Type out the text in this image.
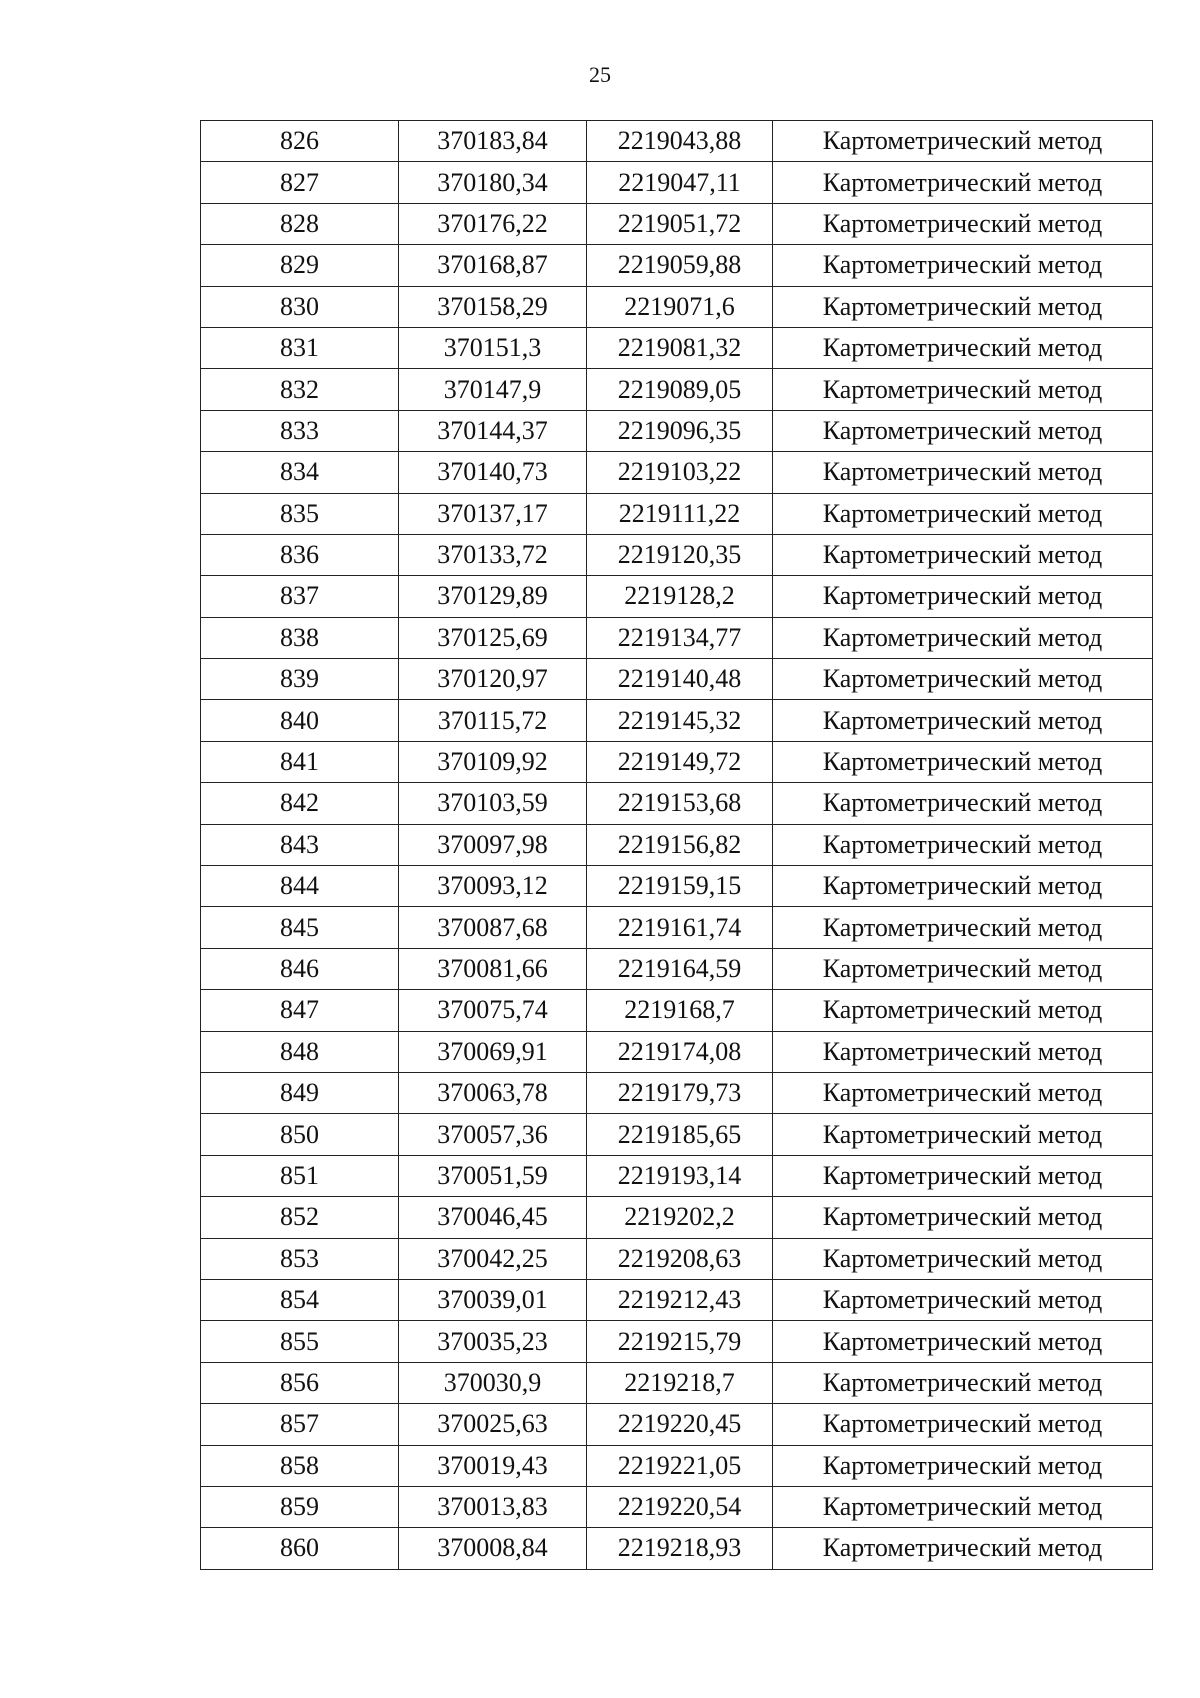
25
826	370183,84	2219043,88	Картометрический метод
827	370180,34	2219047,11	Картометрический метод
828	370176,22	2219051,72	Картометрический метод
829	370168,87	2219059,88	Картометрический метод
830	370158,29	2219071,6	Картометрический метод
831	370151,3	2219081,32	Картометрический метод
832	370147,9	2219089,05	Картометрический метод
833	370144,37	2219096,35	Картометрический метод
834	370140,73	2219103,22	Картометрический метод
835	370137,17	2219111,22	Картометрический метод
836	370133,72	2219120,35	Картометрический метод
837	370129,89	2219128,2	Картометрический метод
838	370125,69	2219134,77	Картометрический метод
839	370120,97	2219140,48	Картометрический метод
840	370115,72	2219145,32	Картометрический метод
841	370109,92	2219149,72	Картометрический метод
842	370103,59	2219153,68	Картометрический метод
843	370097,98	2219156,82	Картометрический метод
844	370093,12	2219159,15	Картометрический метод
845	370087,68	2219161,74	Картометрический метод
846	370081,66	2219164,59	Картометрический метод
847	370075,74	2219168,7	Картометрический метод
848	370069,91	2219174,08	Картометрический метод
849	370063,78	2219179,73	Картометрический метод
850	370057,36	2219185,65	Картометрический метод
851	370051,59	2219193,14	Картометрический метод
852	370046,45	2219202,2	Картометрический метод
853	370042,25	2219208,63	Картометрический метод
854	370039,01	2219212,43	Картометрический метод
855	370035,23	2219215,79	Картометрический метод
856	370030,9	2219218,7	Картометрический метод
857	370025,63	2219220,45	Картометрический метод
858	370019,43	2219221,05	Картометрический метод
859	370013,83	2219220,54	Картометрический метод
860	370008,84	2219218,93	Картометрический метод
